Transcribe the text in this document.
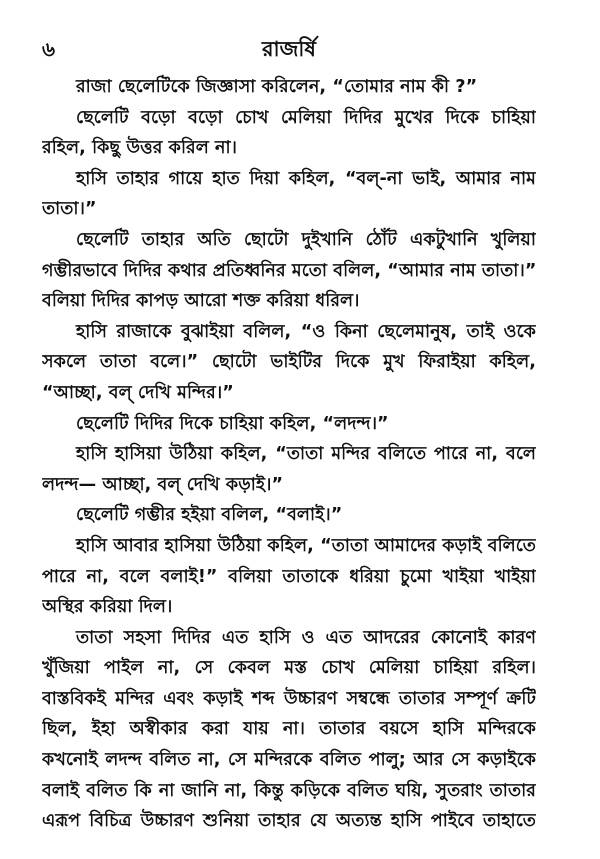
৬	রাজর্ষি
রাজা ছেলেটিকে জিজ্ঞাসা করিলেন, “তোমার নাম কী ?”
ছেলেটি বড়ো বড়ো চোখ মেলিয়া দিদির মুখের দিকে চাহিয়া
রহিল, কিছু উত্তর করিল না।
হাসি তাহার গায়ে হাত দিয়া কহিল, “বল্-না ভাই, আমার নাম
তাতা।”
ছেলেটি তাহার অতি ছোটো দুইখানি ঠোঁট একটুখানি খুলিয়া
গম্ভীরভাবে দিদির কথার প্রতিধ্বনির মতো বলিল, “আমার নাম তাতা।”
বলিয়া দিদির কাপড় আরো শক্ত করিয়া ধরিল।
হাসি রাজাকে বুঝাইয়া বলিল, “ও কিনা ছেলেমানুষ, তাই ওকে
সকলে তাতা বলে।” ছোটো ভাইটির দিকে মুখ ফিরাইয়া কহিল,
“আচ্ছা, বল্ দেখি মন্দির।”
ছেলেটি দিদির দিকে চাহিয়া কহিল, “লদন্দ।”
হাসি হাসিয়া উঠিয়া কহিল, “তাতা মন্দির বলিতে পারে না, বলে
লদন্দ— আচ্ছা, বল্ দেখি কড়াই।”
ছেলেটি গম্ভীর হইয়া বলিল, “বলাই।”
হাসি আবার হাসিয়া উঠিয়া কহিল, “তাতা আমাদের কড়াই বলিতে
পারে না, বলে বলাই!” বলিয়া তাতাকে ধরিয়া চুমো খাইয়া খাইয়া
অস্থির করিয়া দিল।
তাতা সহসা দিদির এত হাসি ও এত আদরের কোনোই কারণ
খুঁজিয়া পাইল না, সে কেবল মস্ত চোখ মেলিয়া চাহিয়া রহিল।
বাস্তবিকই মন্দির এবং কড়াই শব্দ উচ্চারণ সম্বন্ধে তাতার সম্পূর্ণ ক্রটি
ছিল, ইহা অস্বীকার করা যায় না। তাতার বয়সে হাসি মন্দিরকে
কখনোই লদন্দ বলিত না, সে মন্দিরকে বলিত পালু; আর সে কড়াইকে
বলাই বলিত কি না জানি না, কিন্তু কড়িকে বলিত ঘয়ি, সুতরাং তাতার
এরূপ বিচিত্র উচ্চারণ শুনিয়া তাহার যে অত্যন্ত হাসি পাইবে তাহাতে
